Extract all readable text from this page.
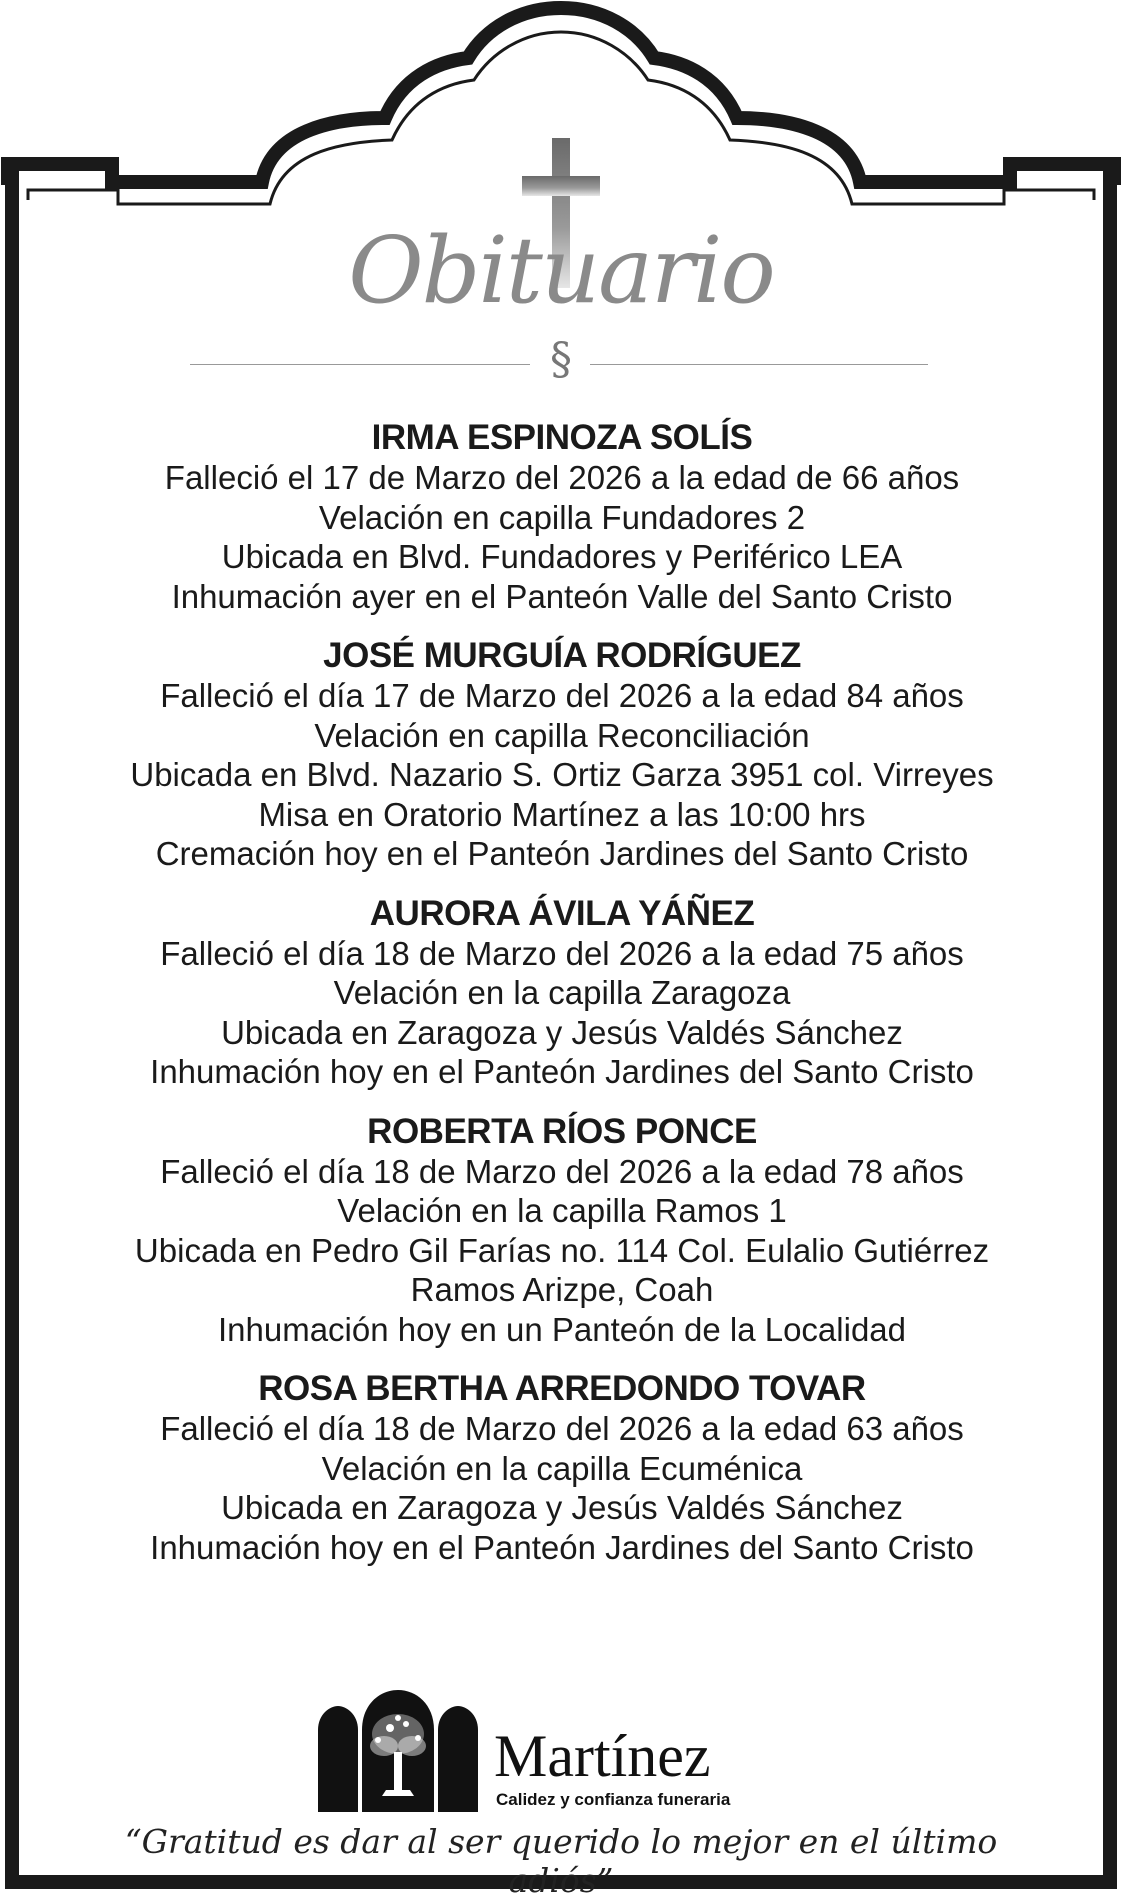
Obituario
§
IRMA ESPINOZA SOLÍS
Falleció el 17 de Marzo del 2026 a la edad de 66 años
Velación en capilla Fundadores 2
Ubicada en Blvd. Fundadores y Periférico LEA
Inhumación ayer en el Panteón Valle del Santo Cristo
JOSÉ MURGUÍA RODRÍGUEZ
Falleció el día 17 de Marzo del 2026 a la edad 84 años
Velación en capilla Reconciliación
Ubicada en Blvd. Nazario S. Ortiz Garza 3951 col. Virreyes
Misa en Oratorio Martínez a las 10:00 hrs
Cremación hoy en el Panteón Jardines del Santo Cristo
AURORA ÁVILA YÁÑEZ
Falleció el día 18 de Marzo del 2026 a la edad 75 años
Velación en la capilla Zaragoza
Ubicada en Zaragoza y Jesús Valdés Sánchez
Inhumación hoy en el Panteón Jardines del Santo Cristo
ROBERTA RÍOS PONCE
Falleció el día 18 de Marzo del 2026 a la edad 78 años
Velación en la capilla Ramos 1
Ubicada en Pedro Gil Farías no. 114 Col. Eulalio Gutiérrez
Ramos Arizpe, Coah
Inhumación hoy en un Panteón de la Localidad
ROSA BERTHA ARREDONDO TOVAR
Falleció el día 18 de Marzo del 2026 a la edad 63 años
Velación en la capilla Ecuménica
Ubicada en Zaragoza y Jesús Valdés Sánchez
Inhumación hoy en el Panteón Jardines del Santo Cristo
Martínez
Calidez y confianza funeraria
“Gratitud es dar al ser querido lo mejor en el último adiós”
